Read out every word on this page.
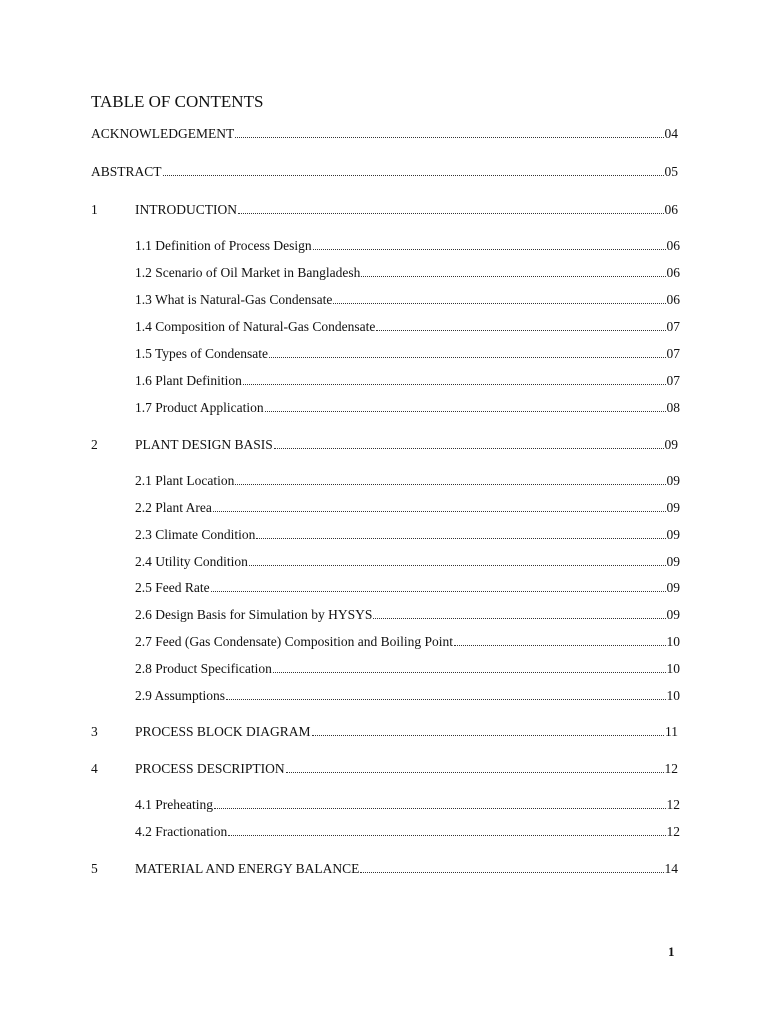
TABLE OF CONTENTS
ACKNOWLEDGEMENT	04
ABSTRACT	05
1	INTRODUCTION	06
1.1 Definition of Process Design	06
1.2 Scenario of Oil Market in Bangladesh	06
1.3 What is Natural-Gas Condensate	06
1.4 Composition of Natural-Gas Condensate	07
1.5 Types of Condensate	07
1.6 Plant Definition	07
1.7 Product Application	08
2	PLANT DESIGN BASIS	09
2.1 Plant Location	09
2.2 Plant Area	09
2.3 Climate Condition	09
2.4 Utility Condition	09
2.5 Feed Rate	09
2.6 Design Basis for Simulation by HYSYS	09
2.7 Feed (Gas Condensate) Composition and Boiling Point	10
2.8 Product Specification	10
2.9 Assumptions	10
3	PROCESS BLOCK DIAGRAM	11
4	PROCESS DESCRIPTION	12
4.1 Preheating	12
4.2 Fractionation	12
5	MATERIAL AND ENERGY BALANCE	14
1
